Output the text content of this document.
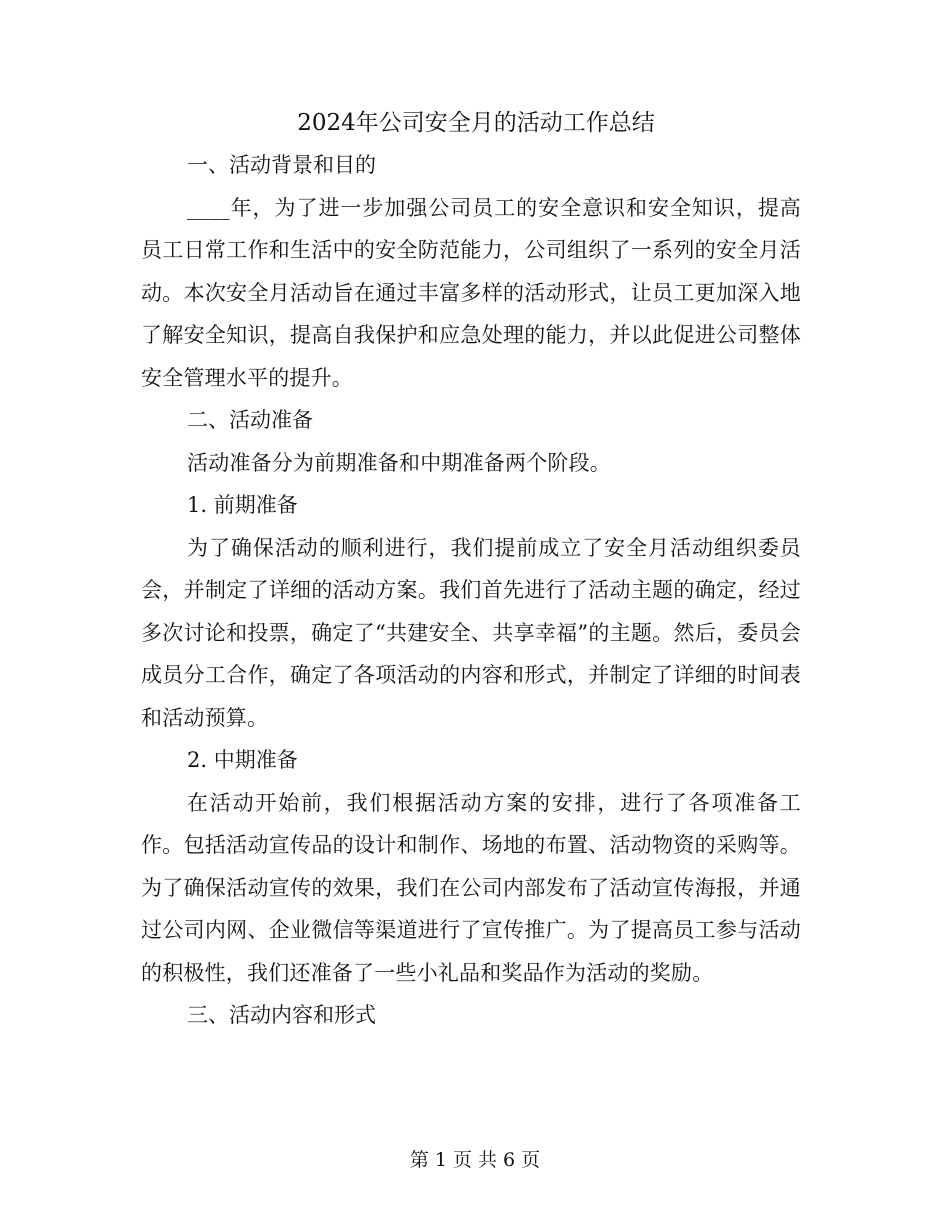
2024年公司安全月的活动工作总结

一、活动背景和目的

____年，为了进一步加强公司员工的安全意识和安全知识，提高员工日常工作和生活中的安全防范能力，公司组织了一系列的安全月活动。本次安全月活动旨在通过丰富多样的活动形式，让员工更加深入地了解安全知识，提高自我保护和应急处理的能力，并以此促进公司整体安全管理水平的提升。

二、活动准备

活动准备分为前期准备和中期准备两个阶段。

1. 前期准备

为了确保活动的顺利进行，我们提前成立了安全月活动组织委员会，并制定了详细的活动方案。我们首先进行了活动主题的确定，经过多次讨论和投票，确定了“共建安全、共享幸福”的主题。然后，委员会成员分工合作，确定了各项活动的内容和形式，并制定了详细的时间表和活动预算。

2. 中期准备

在活动开始前，我们根据活动方案的安排，进行了各项准备工作。包括活动宣传品的设计和制作、场地的布置、活动物资的采购等。为了确保活动宣传的效果，我们在公司内部发布了活动宣传海报，并通过公司内网、企业微信等渠道进行了宣传推广。为了提高员工参与活动的积极性，我们还准备了一些小礼品和奖品作为活动的奖励。

三、活动内容和形式

第 1 页 共 6 页
